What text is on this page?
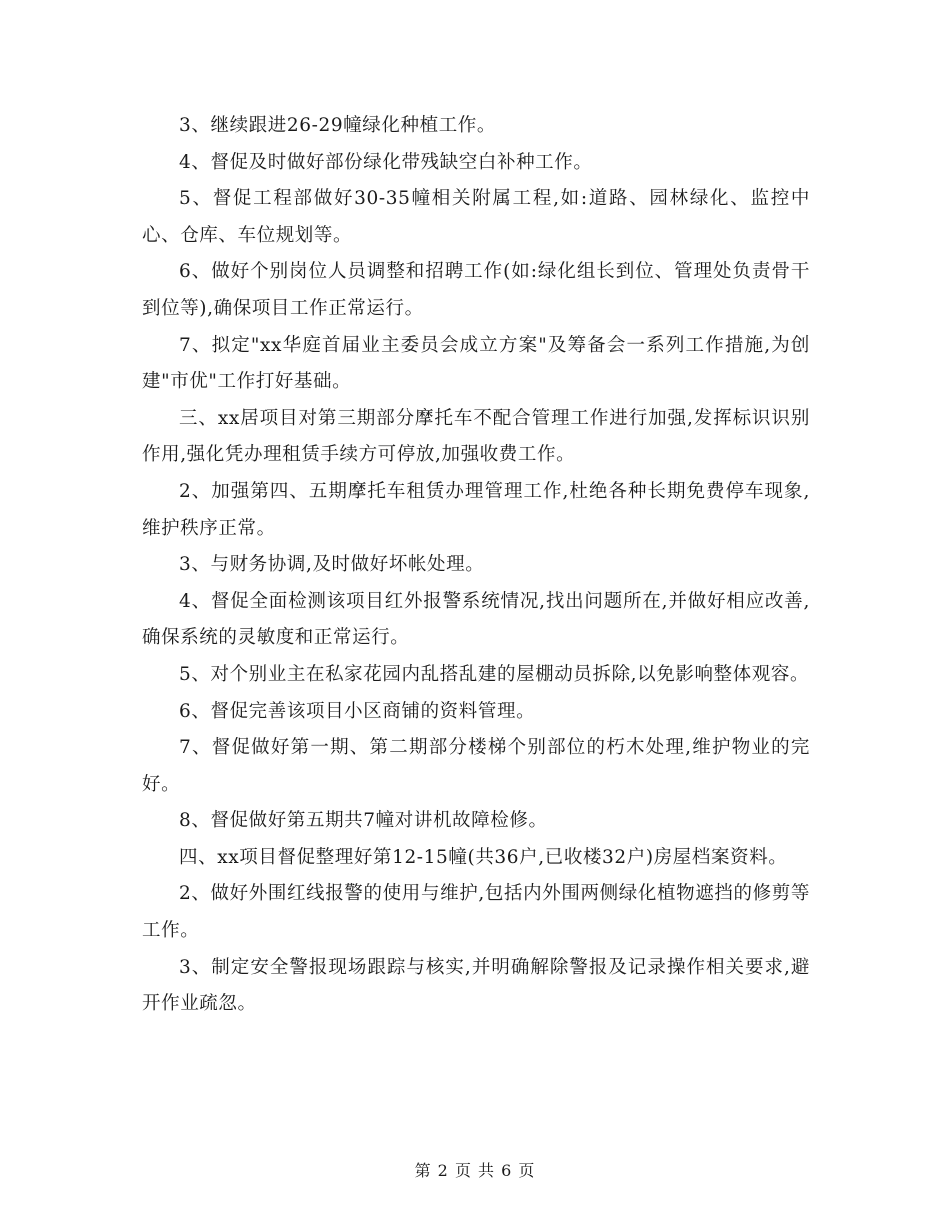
3、继续跟进26-29幢绿化种植工作。

4、督促及时做好部份绿化带残缺空白补种工作。

5、督促工程部做好30-35幢相关附属工程,如:道路、园林绿化、监控中心、仓库、车位规划等。

6、做好个别岗位人员调整和招聘工作(如:绿化组长到位、管理处负责骨干到位等),确保项目工作正常运行。

7、拟定"xx华庭首届业主委员会成立方案"及筹备会一系列工作措施,为创建"市优"工作打好基础。

三、xx居项目对第三期部分摩托车不配合管理工作进行加强,发挥标识识别作用,强化凭办理租赁手续方可停放,加强收费工作。

2、加强第四、五期摩托车租赁办理管理工作,杜绝各种长期免费停车现象,维护秩序正常。

3、与财务协调,及时做好坏帐处理。

4、督促全面检测该项目红外报警系统情况,找出问题所在,并做好相应改善,确保系统的灵敏度和正常运行。

5、对个别业主在私家花园内乱搭乱建的屋棚动员拆除,以免影响整体观容。

6、督促完善该项目小区商铺的资料管理。

7、督促做好第一期、第二期部分楼梯个别部位的朽木处理,维护物业的完好。

8、督促做好第五期共7幢对讲机故障检修。

四、xx项目督促整理好第12-15幢(共36户,已收楼32户)房屋档案资料。

2、做好外围红线报警的使用与维护,包括内外围两侧绿化植物遮挡的修剪等工作。

3、制定安全警报现场跟踪与核实,并明确解除警报及记录操作相关要求,避开作业疏忽。

第 2 页 共 6 页
